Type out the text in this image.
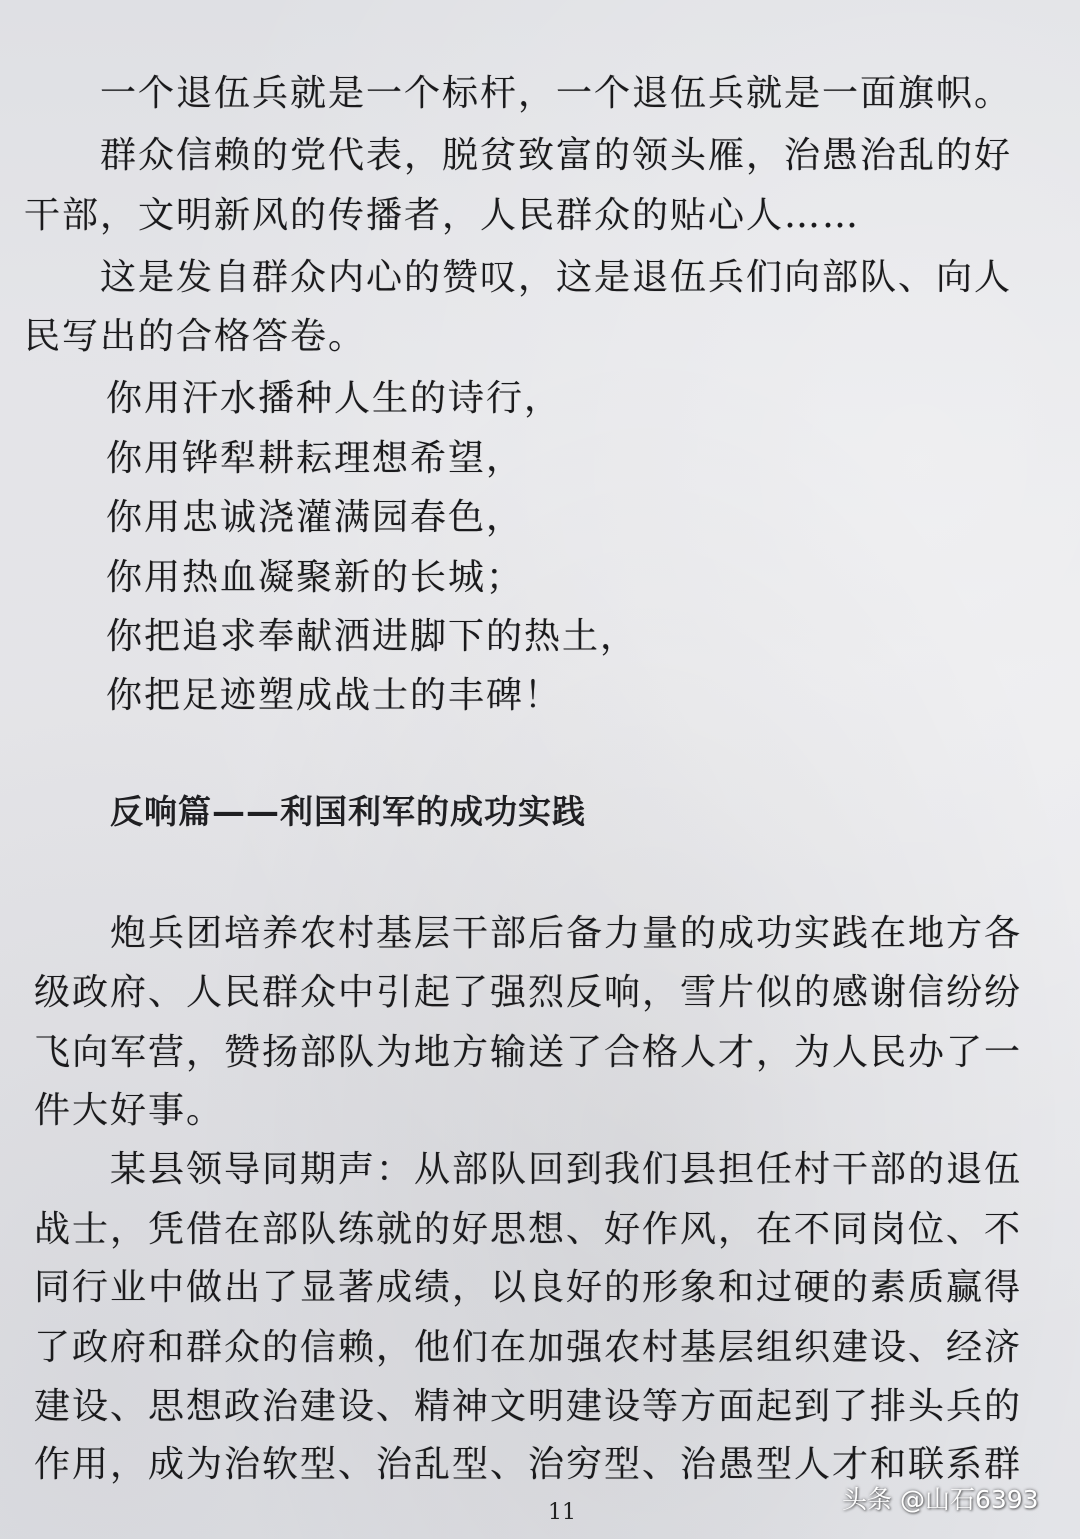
一个退伍兵就是一个标杆，一个退伍兵就是一面旗帜。
群众信赖的党代表，脱贫致富的领头雁，治愚治乱的好
干部，文明新风的传播者，人民群众的贴心人……
这是发自群众内心的赞叹，这是退伍兵们向部队、向人
民写出的合格答卷。
你用汗水播种人生的诗行，
你用铧犁耕耘理想希望，
你用忠诚浇灌满园春色，
你用热血凝聚新的长城；
你把追求奉献洒进脚下的热土，
你把足迹塑成战士的丰碑！
反响篇——利国利军的成功实践
炮兵团培养农村基层干部后备力量的成功实践在地方各
级政府、人民群众中引起了强烈反响，雪片似的感谢信纷纷
飞向军营，赞扬部队为地方输送了合格人才，为人民办了一
件大好事。
某县领导同期声：从部队回到我们县担任村干部的退伍
战士，凭借在部队练就的好思想、好作风，在不同岗位、不
同行业中做出了显著成绩，以良好的形象和过硬的素质赢得
了政府和群众的信赖，他们在加强农村基层组织建设、经济
建设、思想政治建设、精神文明建设等方面起到了排头兵的
作用，成为治软型、治乱型、治穷型、治愚型人才和联系群
11	头条 @山石6393
